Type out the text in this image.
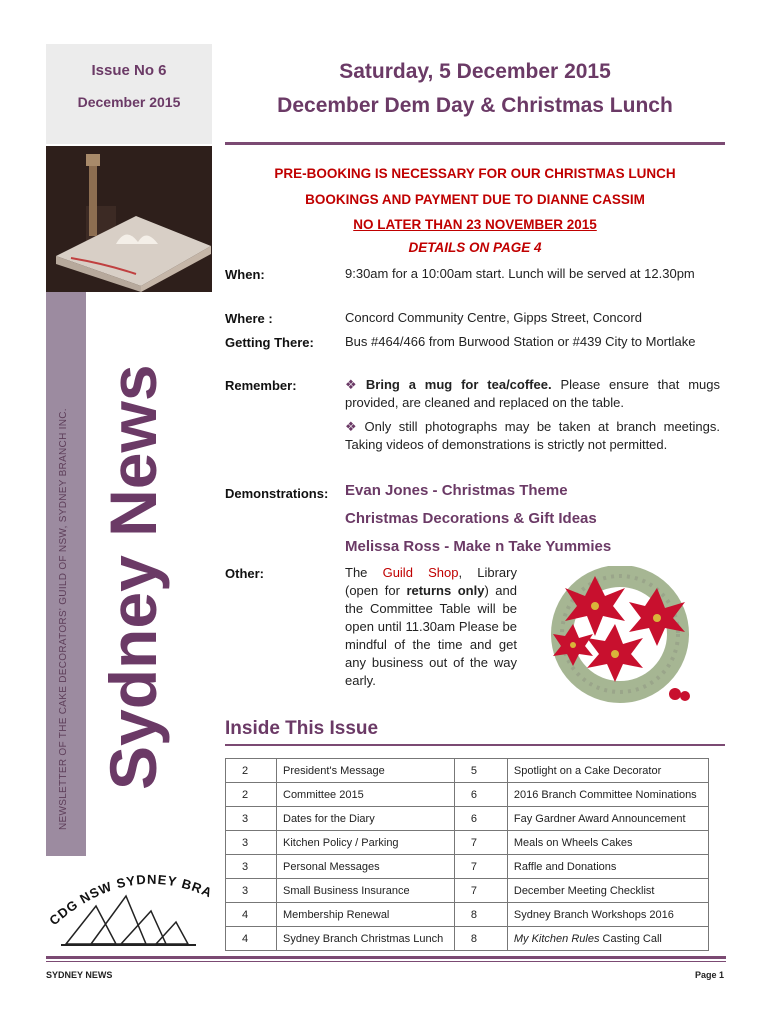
Issue No 6
December 2015
Saturday, 5 December 2015
December Dem Day & Christmas Lunch
NEWSLETTER OF THE CAKE DECORATORS' GUILD OF NSW, SYDNEY BRANCH INC. Sydney News
CDG NSW SYDNEY BR
PRE-BOOKING IS NECESSARY FOR OUR CHRISTMAS LUNCH
BOOKINGS AND PAYMENT DUE TO DIANNE CASSIM
NO LATER THAN 23 NOVEMBER 2015
DETAILS ON PAGE 4
When:	9:30am for a 10:00am start. Lunch will be served at 12.30pm
Where :	Concord Community Centre, Gipps Street, Concord
Getting There: Bus #464/466 from Burwood Station or #439 City to Mortlake
Remember:	❖ Bring a mug for tea/coffee. Please ensure that mugs provided, are cleaned and replaced on the table.
❖ Only still photographs may be taken at branch meetings. Taking videos of demonstrations is strictly not permitted.
Demonstrations: Evan Jones - Christmas Theme
Christmas Decorations & Gift Ideas
Melissa Ross - Make n Take Yummies
Other:	The Guild Shop, Library (open for returns only) and the Committee Table will be open until 11.30am Please be mindful of the time and get any business out of the way early.
Inside This Issue
2	President's Message	5	Spotlight on a Cake Decorator
2	Committee 2015	6	2016 Branch Committee Nominations
3	Dates for the Diary	6	Fay Gardner Award Announcement
3	Kitchen Policy / Parking	7	Meals on Wheels Cakes
3	Personal Messages	7	Raffle and Donations
3	Small Business Insurance	7	December Meeting Checklist
4	Membership Renewal	8	Sydney Branch Workshops 2016
4	Sydney Branch Christmas Lunch	8	My Kitchen Rules Casting Call
SYDNEY NEWS	Page 1
